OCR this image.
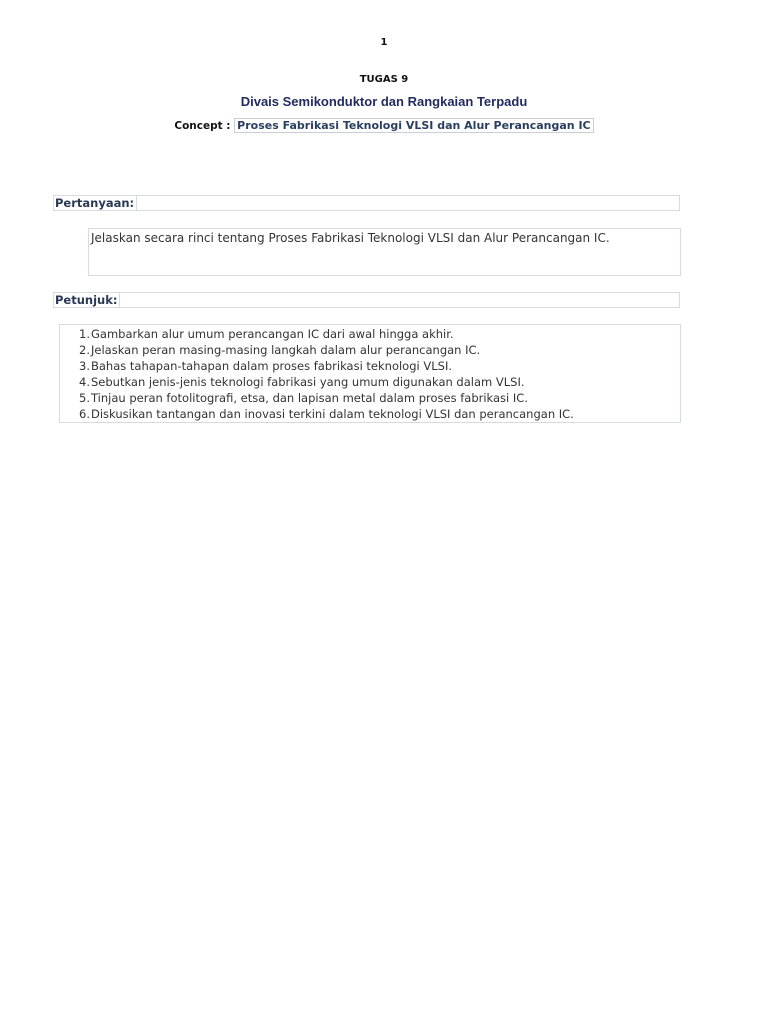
1
TUGAS 9
Divais Semikonduktor dan Rangkaian Terpadu
Concept : Proses Fabrikasi Teknologi VLSI dan Alur Perancangan IC
Pertanyaan:
Jelaskan secara rinci tentang Proses Fabrikasi Teknologi VLSI dan Alur Perancangan IC.
Petunjuk:
1. Gambarkan alur umum perancangan IC dari awal hingga akhir.
2. Jelaskan peran masing-masing langkah dalam alur perancangan IC.
3. Bahas tahapan-tahapan dalam proses fabrikasi teknologi VLSI.
4. Sebutkan jenis-jenis teknologi fabrikasi yang umum digunakan dalam VLSI.
5. Tinjau peran fotolitografi, etsa, dan lapisan metal dalam proses fabrikasi IC.
6. Diskusikan tantangan dan inovasi terkini dalam teknologi VLSI dan perancangan IC.
